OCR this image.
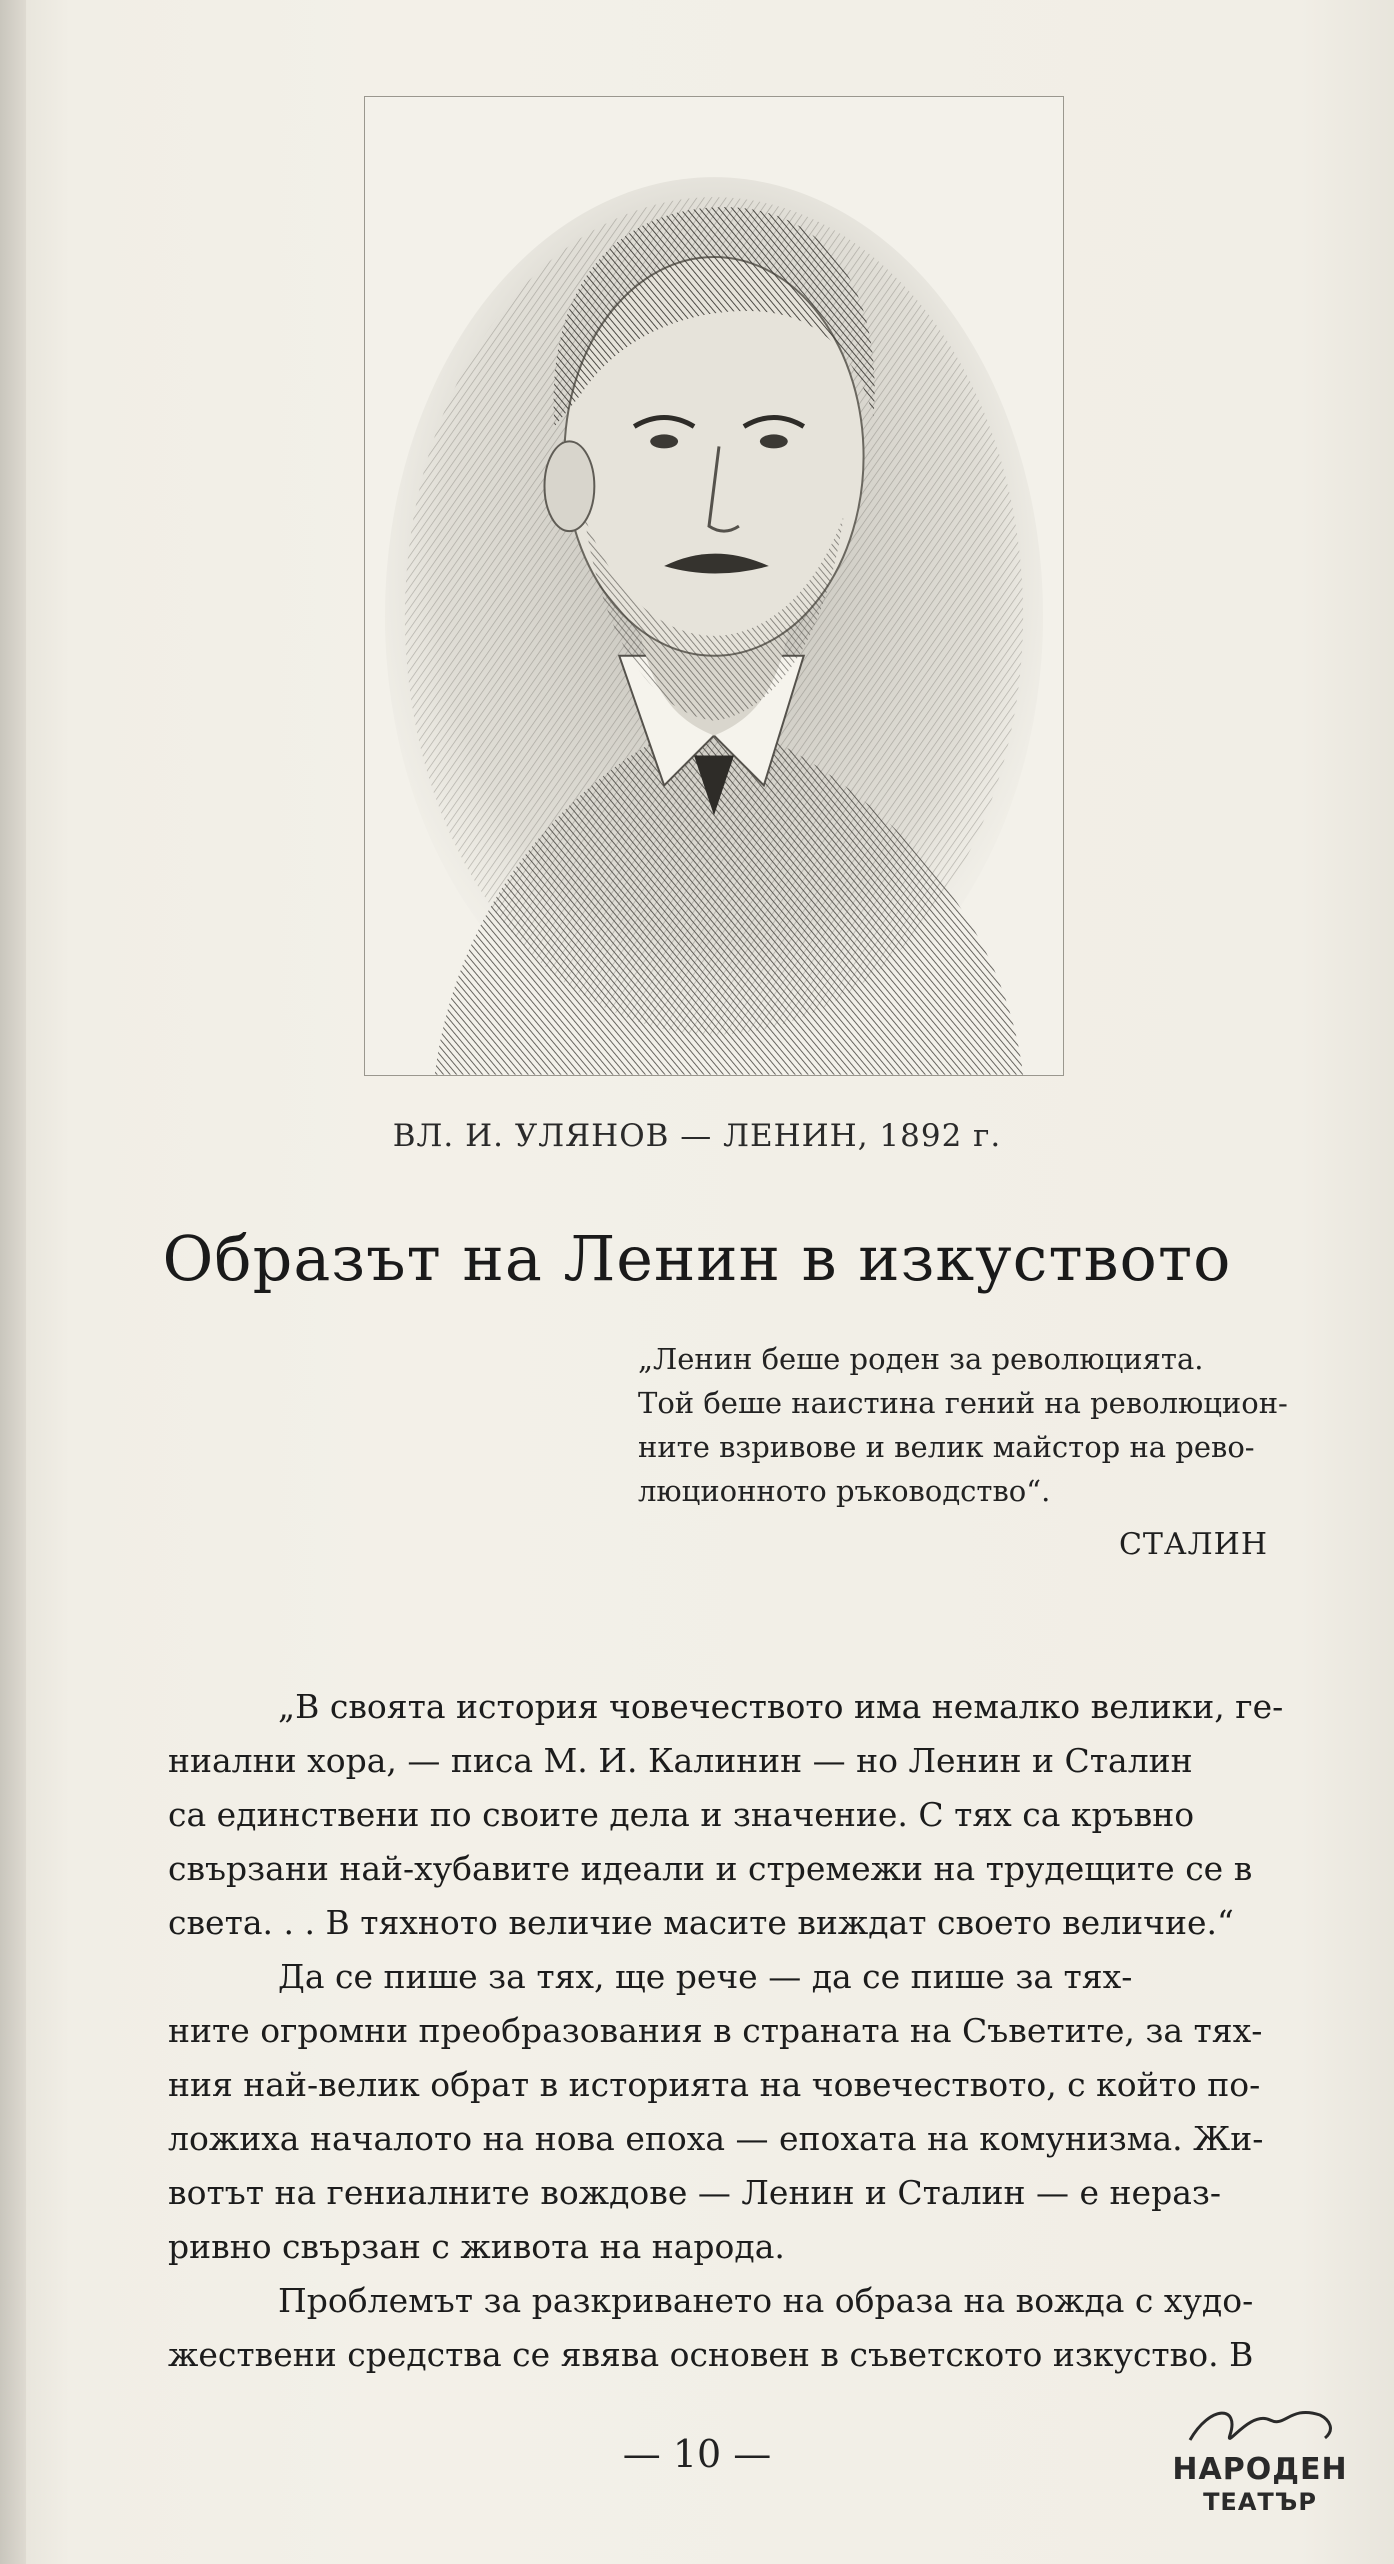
ВЛ. И. УЛЯНОВ — ЛЕНИН, 1892 г.
Образът на Ленин в изкуството
„Ленин беше роден за революцията.
Той беше наистина гений на революцион-
ните взривове и велик майстор на рево-
люционното ръководство“.
СТАЛИН
„В своята история човечеството има немалко велики, ге-
ниални хора, — писа М. И. Калинин — но Ленин и Сталин
са единствени по своите дела и значение. С тях са кръвно
свързани най-хубавите идеали и стремежи на трудещите се в
света. . . В тяхното величие масите виждат своето величие.“
Да се пише за тях, ще рече — да се пише за тях-
ните огромни преобразования в страната на Съветите, за тях-
ния най-велик обрат в историята на човечеството, с който по-
ложиха началото на нова епоха — епохата на комунизма. Жи-
вотът на гениалните вождове — Ленин и Сталин — е нераз-
ривно свързан с живота на народа.
Проблемът за разкриването на образа на вожда с худо-
жествени средства се явява основен в съветското изкуство. В
— 10 —	НАРОДЕН
ТЕАТЪР
